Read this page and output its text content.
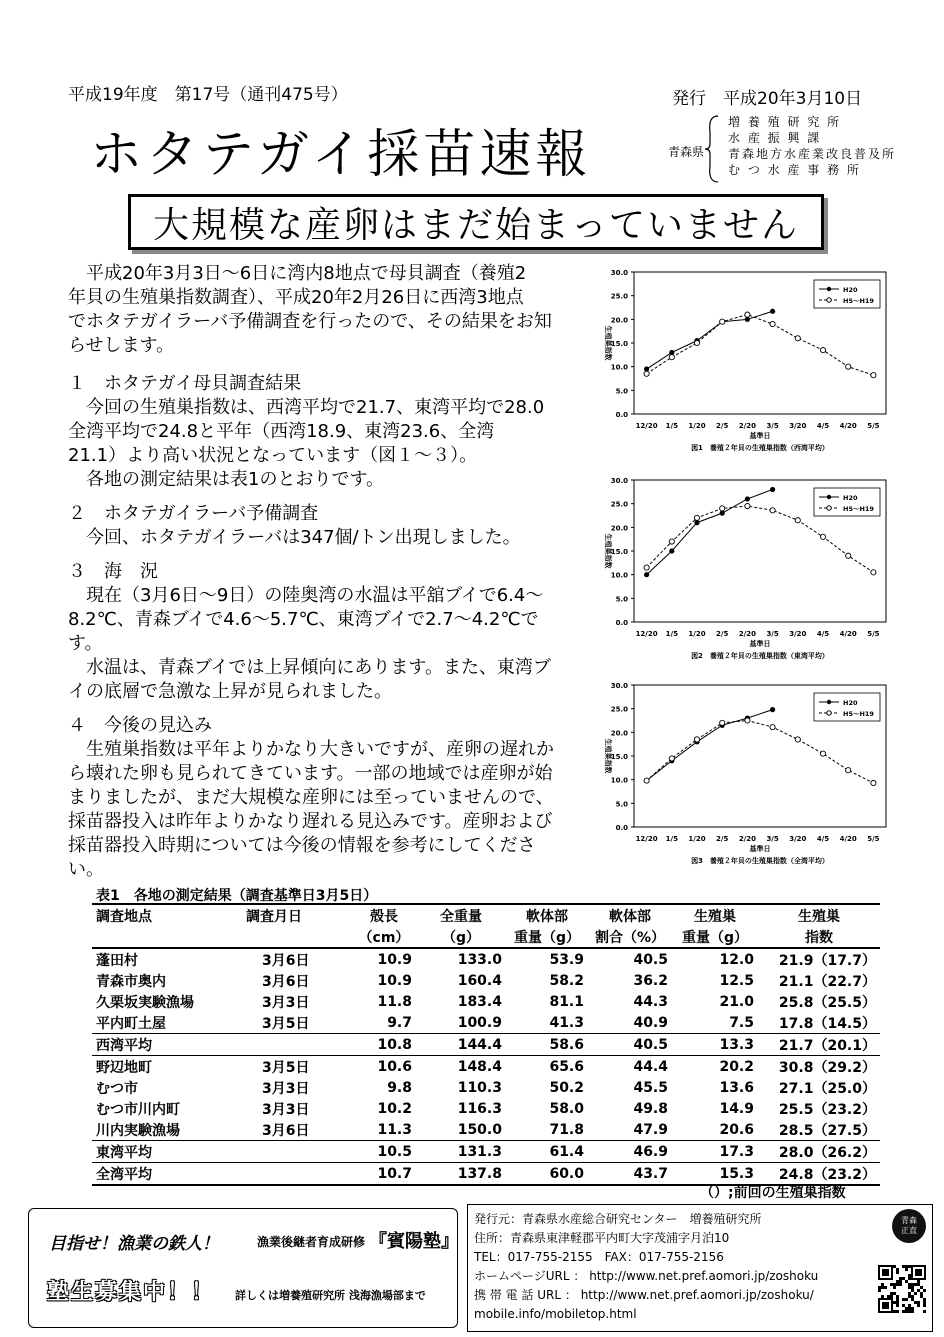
平成19年度　第17号（通刊475号）	発行　平成20年3月10日
ホタテガイ採苗速報	青森県
増 養 殖 研 究 所
水 産 振 興 課
青森地方水産業改良普及所
む つ 水 産 事 務 所
大規模な産卵はまだ始まっていません
　平成20年3月3日～6日に湾内8地点で母貝調査（養殖2
年貝の生殖巣指数調査）、平成20年2月26日に西湾3地点
でホタテガイラーバ予備調査を行ったので、その結果をお知
らせします。
１　ホタテガイ母貝調査結果
　今回の生殖巣指数は、西湾平均で21.7、東湾平均で28.0
全湾平均で24.8と平年（西湾18.9、東湾23.6、全湾
21.1）より高い状況となっています（図１～３）。
　各地の測定結果は表1のとおりです。
２　ホタテガイラーバ予備調査
　今回、ホタテガイラーバは347個/トン出現しました。
３　海　況
　現在（3月6日～9日）の陸奥湾の水温は平舘ブイで6.4～
8.2℃、青森ブイで4.6～5.7℃、東湾ブイで2.7～4.2℃で
す。
　水温は、青森ブイでは上昇傾向にあります。また、東湾ブ
イの底層で急激な上昇が見られました。
４　今後の見込み
　生殖巣指数は平年よりかなり大きいですが、産卵の遅れか
ら壊れた卵も見られてきています。一部の地域では産卵が始
まりましたが、まだ大規模な産卵には至っていませんので、
採苗器投入は昨年よりかなり遅れる見込みです。産卵および
採苗器投入時期については今後の情報を参考にしてくださ
い。
30.0
25.0
20.0
15.0
10.0
5.0
0.0
12/20 1/5 1/20 2/5 2/20 3/5 3/20 4/5 4/20 5/5
基準日
生殖巣指数
図1　養殖２年貝の生殖巣指数（西湾平均）
H20
H5～H19
30.0
25.0
20.0
15.0
10.0
5.0
0.0
12/20 1/5 1/20 2/5 2/20 3/5 3/20 4/5 4/20 5/5
基準日
生殖巣指数
図2　養殖２年貝の生殖巣指数（東湾平均）
H20
H5～H19
30.0
25.0
20.0
15.0
10.0
5.0
0.0
12/20 1/5 1/20 2/5 2/20 3/5 3/20 4/5 4/20 5/5
基準日
生殖巣指数
図3　養殖２年貝の生殖巣指数（全湾平均）
H20
H5～H19
表1　各地の測定結果（調査基準日3月5日）
調査地点	調査月日	殻長	全重量	軟体部	軟体部	生殖巣	生殖巣
		（cm）	（g）	重量（g）	割合（%）	重量（g）	指数
蓬田村	3月6日	10.9	133.0	53.9	40.5	12.0	21.9（17.7）
青森市奥内	3月6日	10.9	160.4	58.2	36.2	12.5	21.1（22.7）
久栗坂実験漁場	3月3日	11.8	183.4	81.1	44.3	21.0	25.8（25.5）
平内町土屋	3月5日	9.7	100.9	41.3	40.9	7.5	17.8（14.5）
西湾平均		10.8	144.4	58.6	40.5	13.3	21.7（20.1）
野辺地町	3月5日	10.6	148.4	65.6	44.4	20.2	30.8（29.2）
むつ市	3月3日	9.8	110.3	50.2	45.5	13.6	27.1（25.0）
むつ市川内町	3月3日	10.2	116.3	58.0	49.8	14.9	25.5（23.2）
川内実験漁場	3月6日	11.3	150.0	71.8	47.9	20.6	28.5（27.5）
東湾平均		10.5	131.3	61.4	46.9	17.3	28.0（26.2）
全湾平均		10.7	137.8	60.0	43.7	15.3	24.8（23.2）
（）;前回の生殖巣指数
目指せ！漁業の鉄人！	漁業後継者育成研修 『賓陽塾』
塾生募集中！！ 詳しくは増養殖研究所 浅海漁場部まで
発行元：青森県水産総合研究センター　増養殖研究所
住所：青森県東津軽郡平内町大字茂浦字月泊10
TEL：017-755-2155　FAX：017-755-2156
ホームページURL ： http://www.net.pref.aomori.jp/zoshoku
携 帯 電 話 URL ： http://www.net.pref.aomori.jp/zoshoku/
mobile.info/mobiletop.html
青森正直
